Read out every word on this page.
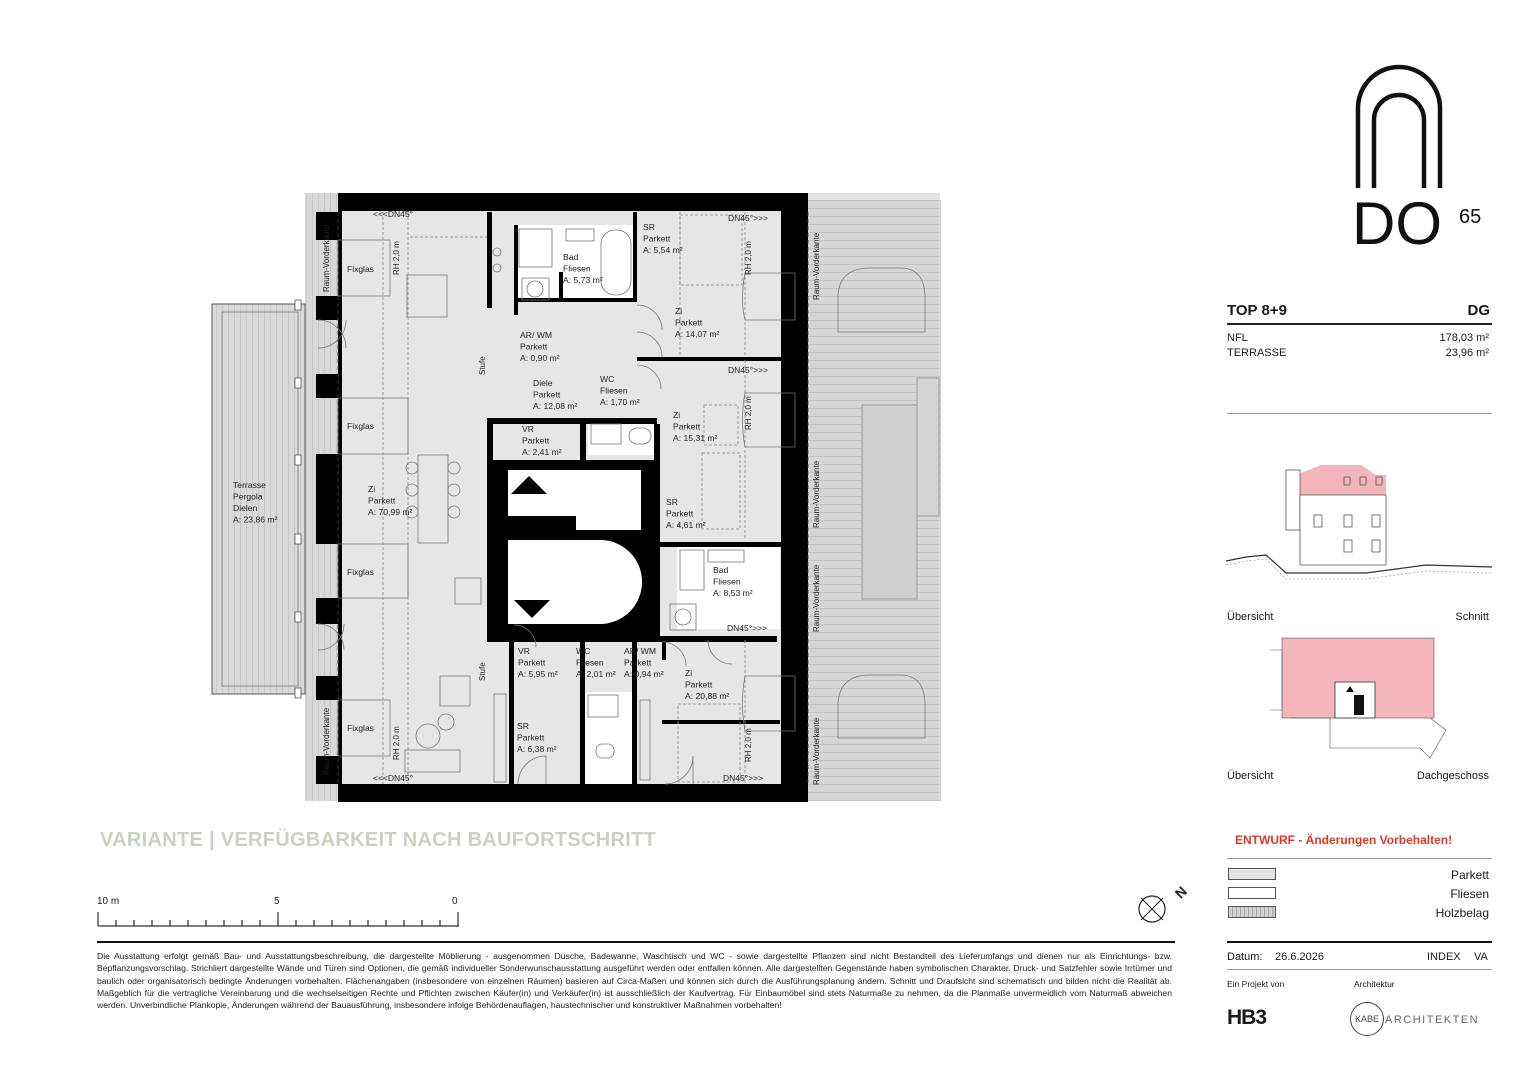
SR Parkett A: 5,54 m²
Bad Fliesen A: 5,73 m²
Zi Parkett A: 14,07 m²
AR/ WM Parkett A: 0,90 m²
Diele Parkett A: 12,08 m²
WC Fliesen A: 1,70 m²
VR Parkett A: 2,41 m²
Zi Parkett A: 15,31 m²
SR Parkett A: 4,61 m²
Zi Parkett A: 70,99 m²
Terrasse Pergola Dielen A: 23,86 m²
Bad Fliesen A: 8,53 m²
VR Parkett A: 5,95 m²
WC Fliesen A: 2,01 m²
AR/ WM Parkett A: 0,94 m² Zi Parkett A: 20,88 m²
SR Parkett A: 6,38 m²
Fixglas
Fixglas
Fixglas
Fixglas
<<<DN45°
<<<DN45°
DN45°>>>
DN45°>>>
DN45°>>>
DN45°>>>
Stufe
Stufe
RH 2,0 m
RH 2,0 m
RH 2,0 m
RH 2,0 m
RH 2,0 m
Raum-Vorderkante
Raum-Vorderkante
Raum-Vorderkante
Raum-Vorderkante
Raum-Vorderkante
Raum-Vorderkante
VARIANTE | VERFÜGBARKEIT NACH BAUFORTSCHRITT
10 m	5	0
N
Die Ausstattung erfolgt gemäß Bau- und Ausstattungsbeschreibung, die dargestellte Möblierung - ausgenommen Dusche, Badewanne, Waschtisch und WC - sowie dargestellte Pflanzen sind nicht Bestandteil des Lieferumfangs und dienen nur als Einrichtungs- bzw. Bepflanzungsvorschlag. Strichliert dargestellte Wände und Türen sind Optionen, die gemäß individueller Sonderwunschausstattung ausgeführt werden oder entfallen können. Alle dargestellten Gegenstände haben symbolischen Charakter. Druck- und Satzfehler sowie Irrtümer und baulich oder organisatorisch bedingte Änderungen vorbehalten. Flächenangaben (insbesondere von einzelnen Räumen) basieren auf Circa-Maßen und können sich durch die Ausführungsplanung ändern. Schnitt und Draufsicht sind schematisch und bilden nicht die Realität ab. Maßgeblich für die vertragliche Vereinbarung und die wechselseitigen Rechte und Pflichten zwischen Käufer(in) und Verkäufer(in) ist ausschließlich der Kaufvertrag. Für Einbaumöbel sind stets Naturmaße zu nehmen, da die Planmaße unvermeidlich vom Naturmaß abweichen werden. Unverbindliche Plankopie, Änderungen während der Bauausführung, insbesondere infolge Behördenauflagen, haustechnischer und konstruktiver Maßnahmen vorbehalten!
DO 65
TOP 8+9	DG
NFL	178,03 m²
TERRASSE	23,96 m²
Übersicht	Schnitt
Übersicht	Dachgeschoss
ENTWURF - Änderungen Vorbehalten!
Parkett
Fliesen
Holzbelag
Datum: 26.6.2026	INDEX VA
Ein Projekt von	Architektur
HB3	KABE ARCHITEKTEN
